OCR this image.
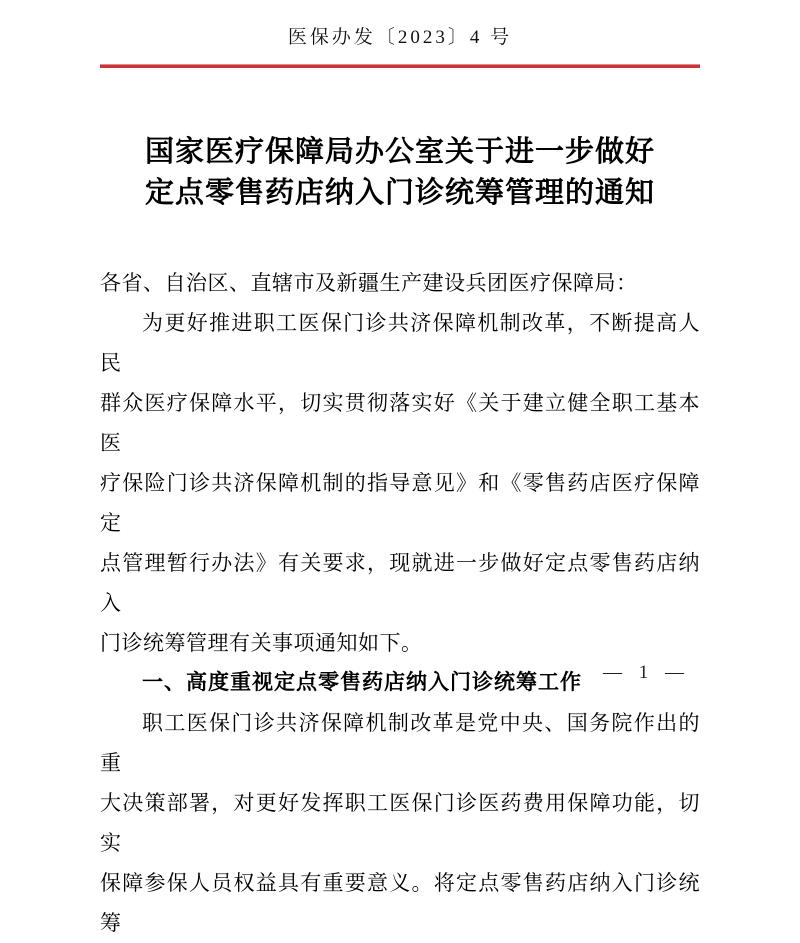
医保办发〔2023〕4 号
国家医疗保障局办公室关于进一步做好
定点零售药店纳入门诊统筹管理的通知
各省、自治区、直辖市及新疆生产建设兵团医疗保障局：
为更好推进职工医保门诊共济保障机制改革，不断提高人民
群众医疗保障水平，切实贯彻落实好《关于建立健全职工基本医
疗保险门诊共济保障机制的指导意见》和《零售药店医疗保障定
点管理暂行办法》有关要求，现就进一步做好定点零售药店纳入
门诊统筹管理有关事项通知如下。
一、高度重视定点零售药店纳入门诊统筹工作
职工医保门诊共济保障机制改革是党中央、国务院作出的重
大决策部署，对更好发挥职工医保门诊医药费用保障功能，切实
保障参保人员权益具有重要意义。将定点零售药店纳入门诊统筹
— 1 —
